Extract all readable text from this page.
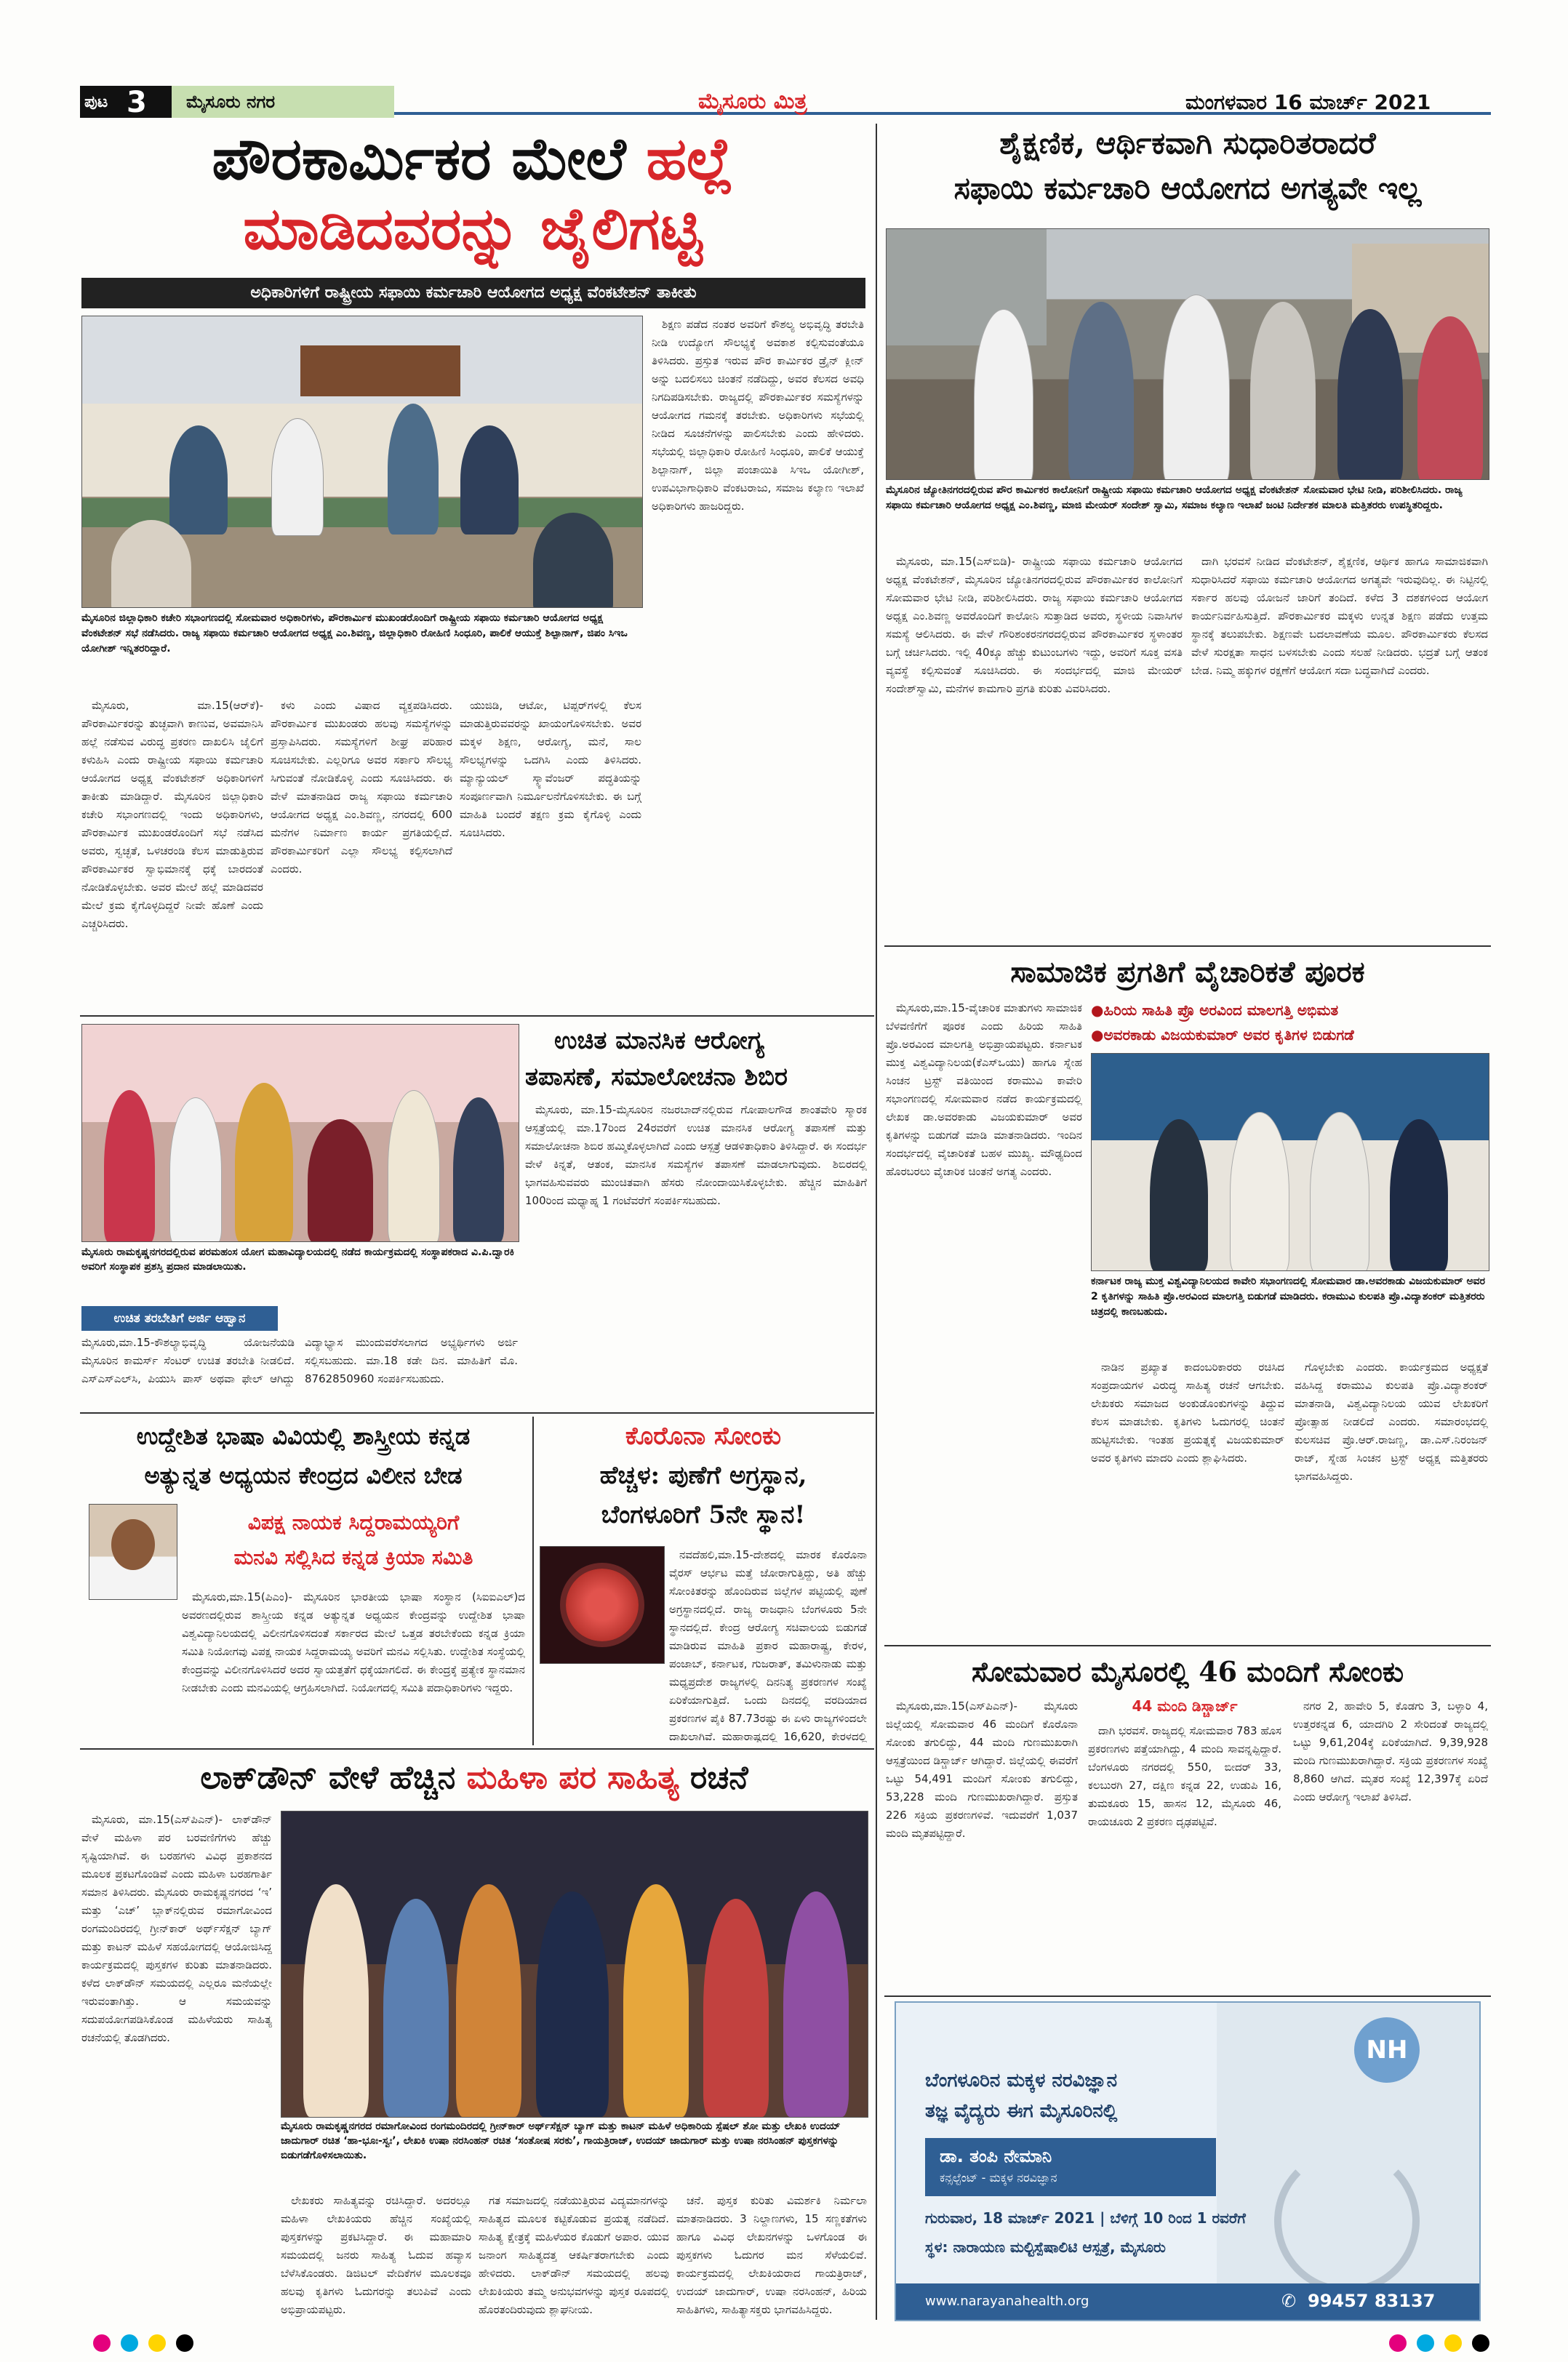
ಪುಟ 3 ಮೈಸೂರು ನಗರ	ಮೈಸೂರು ಮಿತ್ರ	ಮಂಗಳವಾರ 16 ಮಾರ್ಚ್ 2021
ಪೌರಕಾರ್ಮಿಕರ ಮೇಲೆ ಹಲ್ಲೆ
ಮಾಡಿದವರನ್ನು ಜೈಲಿಗಟ್ಟಿ
ಅಧಿಕಾರಿಗಳಿಗೆ ರಾಷ್ಟ್ರೀಯ ಸಫಾಯಿ ಕರ್ಮಚಾರಿ ಆಯೋಗದ ಅಧ್ಯಕ್ಷ ವೆಂಕಟೇಶನ್ ತಾಕೀತು
ಮೈಸೂರಿನ ಜಿಲ್ಲಾಧಿಕಾರಿ ಕಚೇರಿ ಸಭಾಂಗಣದಲ್ಲಿ ಸೋಮವಾರ ಅಧಿಕಾರಿಗಳು, ಪೌರಕಾರ್ಮಿಕ ಮುಖಂಡರೊಂದಿಗೆ ರಾಷ್ಟ್ರೀಯ ಸಫಾಯಿ ಕರ್ಮಚಾರಿ ಆಯೋಗದ ಅಧ್ಯಕ್ಷ ವೆಂಕಟೇಶನ್ ಸಭೆ ನಡೆಸಿದರು. ರಾಜ್ಯ ಸಫಾಯಿ ಕರ್ಮಚಾರಿ ಆಯೋಗದ ಅಧ್ಯಕ್ಷ ಎಂ.ಶಿವಣ್ಣ, ಜಿಲ್ಲಾಧಿಕಾರಿ ರೋಹಿಣಿ ಸಿಂಧೂರಿ, ಪಾಲಿಕೆ ಆಯುಕ್ತೆ ಶಿಲ್ಪಾನಾಗ್, ಜಿಪಂ ಸಿಇಒ ಯೋಗೀಶ್ ಇನ್ನಿತರರಿದ್ದಾರೆ.

ಮೈಸೂರು, ಮಾ.15(ಆರ್‌ಕೆ)- ಪೌರಕಾರ್ಮಿಕರನ್ನು ತುಚ್ಛವಾಗಿ ಕಾಣುವ, ಅವಮಾನಿಸಿ ಹಲ್ಲೆ ನಡೆಸುವ ವಿರುದ್ಧ ಪ್ರಕರಣ ದಾಖಲಿಸಿ ಜೈಲಿಗೆ ಕಳುಹಿಸಿ ಎಂದು ರಾಷ್ಟ್ರೀಯ ಸಫಾಯಿ ಕರ್ಮಚಾರಿ ಆಯೋಗದ ಅಧ್ಯಕ್ಷ ವೆಂಕಟೇಶನ್ ಅಧಿಕಾರಿಗಳಿಗೆ ತಾಕೀತು ಮಾಡಿದ್ದಾರೆ. ಮೈಸೂರಿನ ಜಿಲ್ಲಾಧಿಕಾರಿ ಕಚೇರಿ ಸಭಾಂಗಣದಲ್ಲಿ ಇಂದು ಅಧಿಕಾರಿಗಳು, ಪೌರಕಾರ್ಮಿಕ ಮುಖಂಡರೊಂದಿಗೆ ಸಭೆ ನಡೆಸಿದ ಅವರು, ಸ್ವಚ್ಛತೆ, ಒಳಚರಂಡಿ ಕೆಲಸ ಮಾಡುತ್ತಿರುವ ಪೌರಕಾರ್ಮಿಕರ ಸ್ವಾಭಿಮಾನಕ್ಕೆ ಧಕ್ಕೆ ಬಾರದಂತೆ ನೋಡಿಕೊಳ್ಳಬೇಕು. ಅವರ ಮೇಲೆ ಹಲ್ಲೆ ಮಾಡಿದವರ ಮೇಲೆ ಕ್ರಮ ಕೈಗೊಳ್ಳದಿದ್ದರೆ ನೀವೇ ಹೊಣೆ ಎಂದು ಎಚ್ಚರಿಸಿದರು.

ಕಳು ಎಂದು ವಿಷಾದ ವ್ಯಕ್ತಪಡಿಸಿದರು. ಪೌರಕಾರ್ಮಿಕ ಮುಖಂಡರು ಹಲವು ಸಮಸ್ಯೆಗಳನ್ನು ಪ್ರಸ್ತಾಪಿಸಿದರು. ಸಮಸ್ಯೆಗಳಿಗೆ ಶೀಘ್ರ ಪರಿಹಾರ ಸೂಚಿಸಬೇಕು. ಎಲ್ಲರಿಗೂ ಅವರ ಸರ್ಕಾರಿ ಸೌಲಭ್ಯ ಸಿಗುವಂತೆ ನೋಡಿಕೊಳ್ಳಿ ಎಂದು ಸೂಚಿಸಿದರು. ಈ ವೇಳೆ ಮಾತನಾಡಿದ ರಾಜ್ಯ ಸಫಾಯಿ ಕರ್ಮಚಾರಿ ಆಯೋಗದ ಅಧ್ಯಕ್ಷ ಎಂ.ಶಿವಣ್ಣ, ನಗರದಲ್ಲಿ 600 ಮನೆಗಳ ನಿರ್ಮಾಣ ಕಾರ್ಯ ಪ್ರಗತಿಯಲ್ಲಿದೆ. ಪೌರಕಾರ್ಮಿಕರಿಗೆ ಎಲ್ಲಾ ಸೌಲಭ್ಯ ಕಲ್ಪಿಸಲಾಗಿದೆ ಎಂದರು.

ಯುಜಿಡಿ, ಆಟೋ, ಟಿಪ್ಪರ್‌ಗಳಲ್ಲಿ ಕೆಲಸ ಮಾಡುತ್ತಿರುವವರನ್ನು ಖಾಯಂಗೊಳಿಸಬೇಕು. ಅವರ ಮಕ್ಕಳ ಶಿಕ್ಷಣ, ಆರೋಗ್ಯ, ಮನೆ, ಸಾಲ ಸೌಲಭ್ಯಗಳನ್ನು ಒದಗಿಸಿ ಎಂದು ತಿಳಿಸಿದರು. ಮ್ಯಾನ್ಯುಯಲ್ ಸ್ಕ್ಯಾವೆಂಜರ್ ಪದ್ಧತಿಯನ್ನು ಸಂಪೂರ್ಣವಾಗಿ ನಿರ್ಮೂಲನೆಗೊಳಿಸಬೇಕು. ಈ ಬಗ್ಗೆ ಮಾಹಿತಿ ಬಂದರೆ ತಕ್ಷಣ ಕ್ರಮ ಕೈಗೊಳ್ಳಿ ಎಂದು ಸೂಚಿಸಿದರು.

ಶಿಕ್ಷಣ ಪಡೆದ ನಂತರ ಅವರಿಗೆ ಕೌಶಲ್ಯ ಅಭಿವೃದ್ಧಿ ತರಬೇತಿ ನೀಡಿ ಉದ್ಯೋಗ ಸೌಲಭ್ಯಕ್ಕೆ ಅವಕಾಶ ಕಲ್ಪಿಸುವಂತೆಯೂ ತಿಳಿಸಿದರು. ಪ್ರಸ್ತುತ ಇರುವ ಪೌರ ಕಾರ್ಮಿಕರ ಡ್ರೈನ್ ಕ್ಲೀನ್ ಅನ್ನು ಬದಲಿಸಲು ಚಿಂತನೆ ನಡೆದಿದ್ದು, ಅವರ ಕೆಲಸದ ಅವಧಿ ನಿಗದಿಪಡಿಸಬೇಕು. ರಾಜ್ಯದಲ್ಲಿ ಪೌರಕಾರ್ಮಿಕರ ಸಮಸ್ಯೆಗಳನ್ನು ಆಯೋಗದ ಗಮನಕ್ಕೆ ತರಬೇಕು. ಅಧಿಕಾರಿಗಳು ಸಭೆಯಲ್ಲಿ ನೀಡಿದ ಸೂಚನೆಗಳನ್ನು ಪಾಲಿಸಬೇಕು ಎಂದು ಹೇಳಿದರು. ಸಭೆಯಲ್ಲಿ ಜಿಲ್ಲಾಧಿಕಾರಿ ರೋಹಿಣಿ ಸಿಂಧೂರಿ, ಪಾಲಿಕೆ ಆಯುಕ್ತೆ ಶಿಲ್ಪಾನಾಗ್, ಜಿಲ್ಲಾ ಪಂಚಾಯಿತಿ ಸಿಇಒ ಯೋಗೀಶ್, ಉಪವಿಭಾಗಾಧಿಕಾರಿ ವೆಂಕಟರಾಜು, ಸಮಾಜ ಕಲ್ಯಾಣ ಇಲಾಖೆ ಅಧಿಕಾರಿಗಳು ಹಾಜರಿದ್ದರು.

ಶೈಕ್ಷಣಿಕ, ಆರ್ಥಿಕವಾಗಿ ಸುಧಾರಿತರಾದರೆ
ಸಫಾಯಿ ಕರ್ಮಚಾರಿ ಆಯೋಗದ ಅಗತ್ಯವೇ ಇಲ್ಲ
ಮೈಸೂರಿನ ಜ್ಯೋತಿನಗರದಲ್ಲಿರುವ ಪೌರ ಕಾರ್ಮಿಕರ ಕಾಲೋನಿಗೆ ರಾಷ್ಟ್ರೀಯ ಸಫಾಯಿ ಕರ್ಮಚಾರಿ ಆಯೋಗದ ಅಧ್ಯಕ್ಷ ವೆಂಕಟೇಶನ್ ಸೋಮವಾರ ಭೇಟಿ ನೀಡಿ, ಪರಿಶೀಲಿಸಿದರು. ರಾಜ್ಯ ಸಫಾಯಿ ಕರ್ಮಚಾರಿ ಆಯೋಗದ ಅಧ್ಯಕ್ಷ ಎಂ.ಶಿವಣ್ಣ, ಮಾಜಿ ಮೇಯರ್ ಸಂದೇಶ್ ಸ್ವಾಮಿ, ಸಮಾಜ ಕಲ್ಯಾಣ ಇಲಾಖೆ ಜಂಟಿ ನಿರ್ದೇಶಕ ಮಾಲತಿ ಮತ್ತಿತರರು ಉಪಸ್ಥಿತರಿದ್ದರು.

ಮೈಸೂರು, ಮಾ.15(ಎಸ್‌ಬಿಡಿ)- ರಾಷ್ಟ್ರೀಯ ಸಫಾಯಿ ಕರ್ಮಚಾರಿ ಆಯೋಗದ ಅಧ್ಯಕ್ಷ ವೆಂಕಟೇಶನ್, ಮೈಸೂರಿನ ಜ್ಯೋತಿನಗರದಲ್ಲಿರುವ ಪೌರಕಾರ್ಮಿಕರ ಕಾಲೋನಿಗೆ ಸೋಮವಾರ ಭೇಟಿ ನೀಡಿ, ಪರಿಶೀಲಿಸಿದರು. ರಾಜ್ಯ ಸಫಾಯಿ ಕರ್ಮಚಾರಿ ಆಯೋಗದ ಅಧ್ಯಕ್ಷ ಎಂ.ಶಿವಣ್ಣ ಅವರೊಂದಿಗೆ ಕಾಲೋನಿ ಸುತ್ತಾಡಿದ ಅವರು, ಸ್ಥಳೀಯ ನಿವಾಸಿಗಳ ಸಮಸ್ಯೆ ಆಲಿಸಿದರು. ಈ ವೇಳೆ ಗೌರಿಶಂಕರನಗರದಲ್ಲಿರುವ ಪೌರಕಾರ್ಮಿಕರ ಸ್ಥಳಾಂತರ ಬಗ್ಗೆ ಚರ್ಚಿಸಿದರು. ಇಲ್ಲಿ 40ಕ್ಕೂ ಹೆಚ್ಚು ಕುಟುಂಬಗಳು ಇದ್ದು, ಅವರಿಗೆ ಸೂಕ್ತ ವಸತಿ ವ್ಯವಸ್ಥೆ ಕಲ್ಪಿಸುವಂತೆ ಸೂಚಿಸಿದರು. ಈ ಸಂದರ್ಭದಲ್ಲಿ ಮಾಜಿ ಮೇಯರ್ ಸಂದೇಶ್‌ಸ್ವಾಮಿ, ಮನೆಗಳ ಕಾಮಗಾರಿ ಪ್ರಗತಿ ಕುರಿತು ವಿವರಿಸಿದರು.

ದಾಗಿ ಭರವಸೆ ನೀಡಿದ ವೆಂಕಟೇಶನ್, ಶೈಕ್ಷಣಿಕ, ಆರ್ಥಿಕ ಹಾಗೂ ಸಾಮಾಜಿಕವಾಗಿ ಸುಧಾರಿಸಿದರೆ ಸಫಾಯಿ ಕರ್ಮಚಾರಿ ಆಯೋಗದ ಅಗತ್ಯವೇ ಇರುವುದಿಲ್ಲ. ಈ ನಿಟ್ಟಿನಲ್ಲಿ ಸರ್ಕಾರ ಹಲವು ಯೋಜನೆ ಜಾರಿಗೆ ತಂದಿದೆ. ಕಳೆದ 3 ದಶಕಗಳಿಂದ ಆಯೋಗ ಕಾರ್ಯನಿರ್ವಹಿಸುತ್ತಿದೆ. ಪೌರಕಾರ್ಮಿಕರ ಮಕ್ಕಳು ಉನ್ನತ ಶಿಕ್ಷಣ ಪಡೆದು ಉತ್ತಮ ಸ್ಥಾನಕ್ಕೆ ತಲುಪಬೇಕು. ಶಿಕ್ಷಣವೇ ಬದಲಾವಣೆಯ ಮೂಲ. ಪೌರಕಾರ್ಮಿಕರು ಕೆಲಸದ ವೇಳೆ ಸುರಕ್ಷತಾ ಸಾಧನ ಬಳಸಬೇಕು ಎಂದು ಸಲಹೆ ನೀಡಿದರು. ಭದ್ರತೆ ಬಗ್ಗೆ ಆತಂಕ ಬೇಡ. ನಿಮ್ಮ ಹಕ್ಕುಗಳ ರಕ್ಷಣೆಗೆ ಆಯೋಗ ಸದಾ ಬದ್ಧವಾಗಿದೆ ಎಂದರು.

ಮೈಸೂರು ರಾಮಕೃಷ್ಣನಗರದಲ್ಲಿರುವ ಪರಮಹಂಸ ಯೋಗ ಮಹಾವಿದ್ಯಾಲಯದಲ್ಲಿ ನಡೆದ ಕಾರ್ಯಕ್ರಮದಲ್ಲಿ ಸಂಸ್ಥಾಪಕರಾದ ವಿ.ಪಿ.ದ್ವಾರಕಿ ಅವರಿಗೆ ಸಂಸ್ಥಾಪಕ ಪ್ರಶಸ್ತಿ ಪ್ರದಾನ ಮಾಡಲಾಯಿತು.
ಉಚಿತ ಮಾನಸಿಕ ಆರೋಗ್ಯ
ತಪಾಸಣೆ, ಸಮಾಲೋಚನಾ ಶಿಬಿರ

ಮೈಸೂರು, ಮಾ.15-ಮೈಸೂರಿನ ನಜರಬಾದ್‌ನಲ್ಲಿರುವ ಗೋಪಾಲಗೌಡ ಶಾಂತವೇರಿ ಸ್ಮಾರಕ ಆಸ್ಪತ್ರೆಯಲ್ಲಿ ಮಾ.17ರಿಂದ 24ರವರೆಗೆ ಉಚಿತ ಮಾನಸಿಕ ಆರೋಗ್ಯ ತಪಾಸಣೆ ಮತ್ತು ಸಮಾಲೋಚನಾ ಶಿಬಿರ ಹಮ್ಮಿಕೊಳ್ಳಲಾಗಿದೆ ಎಂದು ಆಸ್ಪತ್ರೆ ಆಡಳಿತಾಧಿಕಾರಿ ತಿಳಿಸಿದ್ದಾರೆ. ಈ ಸಂದರ್ಭ ವೇಳೆ ಕಿನ್ನತೆ, ಆತಂಕ, ಮಾನಸಿಕ ಸಮಸ್ಯೆಗಳ ತಪಾಸಣೆ ಮಾಡಲಾಗುವುದು. ಶಿಬಿರದಲ್ಲಿ ಭಾಗವಹಿಸುವವರು ಮುಂಚಿತವಾಗಿ ಹೆಸರು ನೋಂದಾಯಿಸಿಕೊಳ್ಳಬೇಕು. ಹೆಚ್ಚಿನ ಮಾಹಿತಿಗೆ 100ರಿಂದ ಮಧ್ಯಾಹ್ನ 1 ಗಂಟೆವರೆಗೆ ಸಂಪರ್ಕಿಸಬಹುದು.

ಉಚಿತ ತರಬೇತಿಗೆ ಅರ್ಜಿ ಆಹ್ವಾನ
ಮೈಸೂರು,ಮಾ.15-ಕೌಶಲ್ಯಾಭಿವೃದ್ಧಿ ಯೋಜನೆಯಡಿ ಮೈಸೂರಿನ ಕಾಮರ್ಸ್ ಸೆಂಟರ್ ಉಚಿತ ತರಬೇತಿ ನೀಡಲಿದೆ. ಎಸ್‌ಎಸ್‌ಎಲ್‌ಸಿ, ಪಿಯುಸಿ ಪಾಸ್ ಅಥವಾ ಫೇಲ್ ಆಗಿದ್ದು ವಿದ್ಯಾಭ್ಯಾಸ ಮುಂದುವರೆಸಲಾಗದ ಅಭ್ಯರ್ಥಿಗಳು ಅರ್ಜಿ ಸಲ್ಲಿಸಬಹುದು. ಮಾ.18 ಕಡೇ ದಿನ. ಮಾಹಿತಿಗೆ ಮೊ. 8762850960 ಸಂಪರ್ಕಿಸಬಹುದು.
ಉದ್ದೇಶಿತ ಭಾಷಾ ವಿವಿಯಲ್ಲಿ ಶಾಸ್ತ್ರೀಯ ಕನ್ನಡ
ಅತ್ಯುನ್ನತ ಅಧ್ಯಯನ ಕೇಂದ್ರದ ವಿಲೀನ ಬೇಡ
ವಿಪಕ್ಷ ನಾಯಕ ಸಿದ್ದರಾಮಯ್ಯರಿಗೆ
ಮನವಿ ಸಲ್ಲಿಸಿದ ಕನ್ನಡ ಕ್ರಿಯಾ ಸಮಿತಿ

ಮೈಸೂರು,ಮಾ.15(ಪಿಎಂ)- ಮೈಸೂರಿನ ಭಾರತೀಯ ಭಾಷಾ ಸಂಸ್ಥಾನ (ಸಿಐಐಎಲ್)ದ ಅವರಣದಲ್ಲಿರುವ ಶಾಸ್ತ್ರೀಯ ಕನ್ನಡ ಅತ್ಯುನ್ನತ ಅಧ್ಯಯನ ಕೇಂದ್ರವನ್ನು ಉದ್ದೇಶಿತ ಭಾಷಾ ವಿಶ್ವವಿದ್ಯಾನಿಲಯದಲ್ಲಿ ವಿಲೀನಗೊಳಿಸದಂತೆ ಸರ್ಕಾರದ ಮೇಲೆ ಒತ್ತಡ ತರಬೇಕೆಂದು ಕನ್ನಡ ಕ್ರಿಯಾ ಸಮಿತಿ ನಿಯೋಗವು ವಿಪಕ್ಷ ನಾಯಕ ಸಿದ್ದರಾಮಯ್ಯ ಅವರಿಗೆ ಮನವಿ ಸಲ್ಲಿಸಿತು. ಉದ್ದೇಶಿತ ಸಂಸ್ಥೆಯಲ್ಲಿ ಕೇಂದ್ರವನ್ನು ವಿಲೀನಗೊಳಿಸಿದರೆ ಅದರ ಸ್ವಾಯತ್ತತೆಗೆ ಧಕ್ಕೆಯಾಗಲಿದೆ. ಈ ಕೇಂದ್ರಕ್ಕೆ ಪ್ರತ್ಯೇಕ ಸ್ಥಾನಮಾನ ನೀಡಬೇಕು ಎಂದು ಮನವಿಯಲ್ಲಿ ಆಗ್ರಹಿಸಲಾಗಿದೆ. ನಿಯೋಗದಲ್ಲಿ ಸಮಿತಿ ಪದಾಧಿಕಾರಿಗಳು ಇದ್ದರು.

ಕೊರೊನಾ ಸೋಂಕು
ಹೆಚ್ಚಳ: ಪುಣೆಗೆ ಅಗ್ರಸ್ಥಾನ,
ಬೆಂಗಳೂರಿಗೆ 5ನೇ ಸ್ಥಾನ!

ನವದೆಹಲಿ,ಮಾ.15-ದೇಶದಲ್ಲಿ ಮಾರಕ ಕೊರೊನಾ ವೈರಸ್ ಆರ್ಭಟ ಮತ್ತೆ ಜೋರಾಗುತ್ತಿದ್ದು, ಅತಿ ಹೆಚ್ಚು ಸೋಂಕಿತರನ್ನು ಹೊಂದಿರುವ ಜಿಲ್ಲೆಗಳ ಪಟ್ಟಿಯಲ್ಲಿ ಪುಣೆ ಅಗ್ರಸ್ಥಾನದಲ್ಲಿದೆ. ರಾಜ್ಯ ರಾಜಧಾನಿ ಬೆಂಗಳೂರು 5ನೇ ಸ್ಥಾನದಲ್ಲಿದೆ. ಕೇಂದ್ರ ಆರೋಗ್ಯ ಸಚಿವಾಲಯ ಬಿಡುಗಡೆ ಮಾಡಿರುವ ಮಾಹಿತಿ ಪ್ರಕಾರ ಮಹಾರಾಷ್ಟ್ರ, ಕೇರಳ, ಪಂಜಾಬ್, ಕರ್ನಾಟಕ, ಗುಜರಾತ್, ತಮಿಳುನಾಡು ಮತ್ತು ಮಧ್ಯಪ್ರದೇಶ ರಾಜ್ಯಗಳಲ್ಲಿ ದಿನನಿತ್ಯ ಪ್ರಕರಣಗಳ ಸಂಖ್ಯೆ ಏರಿಕೆಯಾಗುತ್ತಿದೆ. ಒಂದು ದಿನದಲ್ಲಿ ವರದಿಯಾದ ಪ್ರಕರಣಗಳ ಪೈಕಿ 87.73ರಷ್ಟು ಈ ಏಳು ರಾಜ್ಯಗಳಿಂದಲೇ ದಾಖಲಾಗಿವೆ. ಮಹಾರಾಷ್ಟ್ರದಲ್ಲಿ 16,620, ಕೇರಳದಲ್ಲಿ

ಲಾಕ್‌ಡೌನ್ ವೇಳೆ ಹೆಚ್ಚಿನ ಮಹಿಳಾ ಪರ ಸಾಹಿತ್ಯ ರಚನೆ

ಮೈಸೂರು, ಮಾ.15(ಎಸ್‌ಪಿಎನ್)- ಲಾಕ್‌ಡೌನ್ ವೇಳೆ ಮಹಿಳಾ ಪರ ಬರವಣಿಗೆಗಳು ಹೆಚ್ಚು ಸೃಷ್ಟಿಯಾಗಿವೆ. ಈ ಬರಹಗಳು ವಿವಿಧ ಪ್ರಕಾಶನದ ಮೂಲಕ ಪ್ರಕಟಗೊಂಡಿವೆ ಎಂದು ಮಹಿಳಾ ಬರಹಗಾರ್ತಿ ಸಮಾನ ತಿಳಿಸಿದರು. ಮೈಸೂರು ರಾಮಕೃಷ್ಣನಗರದ ‘ಇ’ ಮತ್ತು ‘ಎಚ್’ ಬ್ಲಾಕ್‌ನಲ್ಲಿರುವ ರಮಾಗೋವಿಂದ ರಂಗಮಂದಿರದಲ್ಲಿ ಗ್ರೀನ್‌ಕಾರ್ ಅರ್ಥ್‌ಸೆಕ್ಷನ್ ಬ್ಯಾಗ್ ಮತ್ತು ಕಾಟನ್ ಮಹಿಳೆ ಸಹಯೋಗದಲ್ಲಿ ಆಯೋಜಿಸಿದ್ದ ಕಾರ್ಯಕ್ರಮದಲ್ಲಿ ಪುಸ್ತಕಗಳ ಕುರಿತು ಮಾತನಾಡಿದರು. ಕಳೆದ ಲಾಕ್‌ಡೌನ್ ಸಮಯದಲ್ಲಿ ಎಲ್ಲರೂ ಮನೆಯಲ್ಲೇ ಇರುವಂತಾಗಿತ್ತು. ಆ ಸಮಯವನ್ನು ಸದುಪಯೋಗಪಡಿಸಿಕೊಂಡ ಮಹಿಳೆಯರು ಸಾಹಿತ್ಯ ರಚನೆಯಲ್ಲಿ ತೊಡಗಿದರು.

ಮೈಸೂರು ರಾಮಕೃಷ್ಣನಗರದ ರಮಾಗೋವಿಂದ ರಂಗಮಂದಿರದಲ್ಲಿ ಗ್ರೀನ್‌ಕಾರ್ ಅರ್ಥ್‌ಸೆಕ್ಷನ್ ಬ್ಯಾಗ್ ಮತ್ತು ಕಾಟನ್ ಮಹಿಳೆ ಅಧಿಕಾರಿಯ ಸ್ಪೆಷಲ್ ಶೋ ಮತ್ತು ಲೇಖಕಿ ಉದಯ್ ಜಾದುಗಾರ್ ರಚಿತ ‘ಹಾ-ಭೂಃ-ಸ್ವಃ’, ಲೇಖಕಿ ಉಷಾ ನರಸಿಂಹನ್ ರಚಿತ ‘ಸಂತೋಷ ಸರಕು’, ಗಾಯತ್ರಿರಾಜ್, ಉದಯ್ ಜಾದುಗಾರ್ ಮತ್ತು ಉಷಾ ನರಸಿಂಹನ್ ಪುಸ್ತಕಗಳನ್ನು ಬಿಡುಗಡೆಗೊಳಿಸಲಾಯಿತು.

ಲೇಖಕರು ಸಾಹಿತ್ಯವನ್ನು ರಚಿಸಿದ್ದಾರೆ. ಅದರಲ್ಲೂ ಮಹಿಳಾ ಲೇಖಕಿಯರು ಹೆಚ್ಚಿನ ಸಂಖ್ಯೆಯಲ್ಲಿ ಪುಸ್ತಕಗಳನ್ನು ಪ್ರಕಟಿಸಿದ್ದಾರೆ. ಈ ಮಹಾಮಾರಿ ಸಮಯದಲ್ಲಿ ಜನರು ಸಾಹಿತ್ಯ ಓದುವ ಹವ್ಯಾಸ ಬೆಳೆಸಿಕೊಂಡರು. ಡಿಜಿಟಲ್ ವೇದಿಕೆಗಳ ಮೂಲಕವೂ ಹಲವು ಕೃತಿಗಳು ಓದುಗರನ್ನು ತಲುಪಿವೆ ಎಂದು ಅಭಿಪ್ರಾಯಪಟ್ಟರು.

ಗತ ಸಮಾಜದಲ್ಲಿ ನಡೆಯುತ್ತಿರುವ ವಿದ್ಯಮಾನಗಳನ್ನು ಸಾಹಿತ್ಯದ ಮೂಲಕ ಕಟ್ಟಿಕೊಡುವ ಪ್ರಯತ್ನ ನಡೆದಿದೆ. ಸಾಹಿತ್ಯ ಕ್ಷೇತ್ರಕ್ಕೆ ಮಹಿಳೆಯರ ಕೊಡುಗೆ ಅಪಾರ. ಯುವ ಜನಾಂಗ ಸಾಹಿತ್ಯದತ್ತ ಆಕರ್ಷಿತರಾಗಬೇಕು ಎಂದು ಹೇಳಿದರು. ಲಾಕ್‌ಡೌನ್ ಸಮಯದಲ್ಲಿ ಹಲವು ಲೇಖಕಿಯರು ತಮ್ಮ ಅನುಭವಗಳನ್ನು ಪುಸ್ತಕ ರೂಪದಲ್ಲಿ ಹೊರತಂದಿರುವುದು ಶ್ಲಾಘನೀಯ.

ಚನೆ. ಪುಸ್ತಕ ಕುರಿತು ವಿಮರ್ಶಕಿ ನಿರ್ಮಲಾ ಮಾತನಾಡಿದರು. 3 ನಿಲ್ದಾಣಗಳು, 15 ಸಣ್ಣಕತೆಗಳು ಹಾಗೂ ವಿವಿಧ ಲೇಖನಗಳನ್ನು ಒಳಗೊಂಡ ಈ ಪುಸ್ತಕಗಳು ಓದುಗರ ಮನ ಸೆಳೆಯಲಿವೆ. ಕಾರ್ಯಕ್ರಮದಲ್ಲಿ ಲೇಖಕಿಯರಾದ ಗಾಯತ್ರಿರಾಜ್, ಉದಯ್ ಜಾದುಗಾರ್, ಉಷಾ ನರಸಿಂಹನ್, ಹಿರಿಯ ಸಾಹಿತಿಗಳು, ಸಾಹಿತ್ಯಾಸಕ್ತರು ಭಾಗವಹಿಸಿದ್ದರು.

ಸಾಮಾಜಿಕ ಪ್ರಗತಿಗೆ ವೈಚಾರಿಕತೆ ಪೂರಕ
●ಹಿರಿಯ ಸಾಹಿತಿ ಪ್ರೊ ಅರವಿಂದ ಮಾಲಗತ್ತಿ ಅಭಿಮತ
●ಅವರಕಾಡು ವಿಜಯಕುಮಾರ್ ಅವರ ಕೃತಿಗಳ ಬಿಡುಗಡೆ

ಮೈಸೂರು,ಮಾ.15-ವೈಚಾರಿಕ ಮಾತುಗಳು ಸಾಮಾಜಿಕ ಬೆಳವಣಿಗೆಗೆ ಪೂರಕ ಎಂದು ಹಿರಿಯ ಸಾಹಿತಿ ಪ್ರೊ.ಅರವಿಂದ ಮಾಲಗತ್ತಿ ಅಭಿಪ್ರಾಯಪಟ್ಟರು. ಕರ್ನಾಟಕ ಮುಕ್ತ ವಿಶ್ವವಿದ್ಯಾನಿಲಯ(ಕೆಎಸ್‌ಒಯು) ಹಾಗೂ ಸ್ನೇಹ ಸಿಂಚನ ಟ್ರಸ್ಟ್ ವತಿಯಿಂದ ಕರಾಮುವಿ ಕಾವೇರಿ ಸಭಾಂಗಣದಲ್ಲಿ ಸೋಮವಾರ ನಡೆದ ಕಾರ್ಯಕ್ರಮದಲ್ಲಿ ಲೇಖಕ ಡಾ.ಅವರಕಾಡು ವಿಜಯಕುಮಾರ್ ಅವರ ಕೃತಿಗಳನ್ನು ಬಿಡುಗಡೆ ಮಾಡಿ ಮಾತನಾಡಿದರು. ಇಂದಿನ ಸಂದರ್ಭದಲ್ಲಿ ವೈಚಾರಿಕತೆ ಬಹಳ ಮುಖ್ಯ. ಮೌಢ್ಯದಿಂದ ಹೊರಬರಲು ವೈಚಾರಿಕ ಚಿಂತನೆ ಅಗತ್ಯ ಎಂದರು.

ಕರ್ನಾಟಕ ರಾಜ್ಯ ಮುಕ್ತ ವಿಶ್ವವಿದ್ಯಾನಿಲಯದ ಕಾವೇರಿ ಸಭಾಂಗಣದಲ್ಲಿ ಸೋಮವಾರ ಡಾ.ಅವರಕಾಡು ವಿಜಯಕುಮಾರ್ ಅವರ 2 ಕೃತಿಗಳನ್ನು ಸಾಹಿತಿ ಪ್ರೊ.ಅರವಿಂದ ಮಾಲಗತ್ತಿ ಬಿಡುಗಡೆ ಮಾಡಿದರು. ಕರಾಮುವಿ ಕುಲಪತಿ ಪ್ರೊ.ವಿದ್ಯಾಶಂಕರ್ ಮತ್ತಿತರರು ಚಿತ್ರದಲ್ಲಿ ಕಾಣಬಹುದು.

ನಾಡಿನ ಪ್ರಖ್ಯಾತ ಕಾದಂಬರಿಕಾರರು ರಚಿಸಿದ ಸಂಪ್ರದಾಯಗಳ ವಿರುದ್ಧ ಸಾಹಿತ್ಯ ರಚನೆ ಆಗಬೇಕು. ಲೇಖಕರು ಸಮಾಜದ ಅಂಕುಡೊಂಕುಗಳನ್ನು ತಿದ್ದುವ ಕೆಲಸ ಮಾಡಬೇಕು. ಕೃತಿಗಳು ಓದುಗರಲ್ಲಿ ಚಿಂತನೆ ಹುಟ್ಟಿಸಬೇಕು. ಇಂತಹ ಪ್ರಯತ್ನಕ್ಕೆ ವಿಜಯಕುಮಾರ್ ಅವರ ಕೃತಿಗಳು ಮಾದರಿ ಎಂದು ಶ್ಲಾಘಿಸಿದರು.

ಗೊಳ್ಳಬೇಕು ಎಂದರು. ಕಾರ್ಯಕ್ರಮದ ಅಧ್ಯಕ್ಷತೆ ವಹಿಸಿದ್ದ ಕರಾಮುವಿ ಕುಲಪತಿ ಪ್ರೊ.ವಿದ್ಯಾಶಂಕರ್ ಮಾತನಾಡಿ, ವಿಶ್ವವಿದ್ಯಾನಿಲಯ ಯುವ ಲೇಖಕರಿಗೆ ಪ್ರೋತ್ಸಾಹ ನೀಡಲಿದೆ ಎಂದರು. ಸಮಾರಂಭದಲ್ಲಿ ಕುಲಸಚಿವ ಪ್ರೊ.ಆರ್.ರಾಜಣ್ಣ, ಡಾ.ಎಸ್.ನಿರಂಜನ್ ರಾಜ್, ಸ್ನೇಹ ಸಿಂಚನ ಟ್ರಸ್ಟ್ ಅಧ್ಯಕ್ಷ ಮತ್ತಿತರರು ಭಾಗವಹಿಸಿದ್ದರು.

ಸೋಮವಾರ ಮೈಸೂರಲ್ಲಿ 46 ಮಂದಿಗೆ ಸೋಂಕು

ಮೈಸೂರು,ಮಾ.15(ಎಸ್‌ಪಿಎನ್)- ಮೈಸೂರು ಜಿಲ್ಲೆಯಲ್ಲಿ ಸೋಮವಾರ 46 ಮಂದಿಗೆ ಕೊರೊನಾ ಸೋಂಕು ತಗುಲಿದ್ದು, 44 ಮಂದಿ ಗುಣಮುಖರಾಗಿ ಆಸ್ಪತ್ರೆಯಿಂದ ಡಿಸ್ಚಾರ್ಜ್ ಆಗಿದ್ದಾರೆ. ಜಿಲ್ಲೆಯಲ್ಲಿ ಈವರೆಗೆ ಒಟ್ಟು 54,491 ಮಂದಿಗೆ ಸೋಂಕು ತಗುಲಿದ್ದು, 53,228 ಮಂದಿ ಗುಣಮುಖರಾಗಿದ್ದಾರೆ. ಪ್ರಸ್ತುತ 226 ಸಕ್ರಿಯ ಪ್ರಕರಣಗಳಿವೆ. ಇದುವರೆಗೆ 1,037 ಮಂದಿ ಮೃತಪಟ್ಟಿದ್ದಾರೆ.

44 ಮಂದಿ ಡಿಸ್ಚಾರ್ಜ್

ದಾಗಿ ಭರವಸೆ. ರಾಜ್ಯದಲ್ಲಿ ಸೋಮವಾರ 783 ಹೊಸ ಪ್ರಕರಣಗಳು ಪತ್ತೆಯಾಗಿದ್ದು, 4 ಮಂದಿ ಸಾವನ್ನಪ್ಪಿದ್ದಾರೆ. ಬೆಂಗಳೂರು ನಗರದಲ್ಲಿ 550, ಬೀದರ್ 33, ಕಲಬುರಗಿ 27, ದಕ್ಷಿಣ ಕನ್ನಡ 22, ಉಡುಪಿ 16, ತುಮಕೂರು 15, ಹಾಸನ 12, ಮೈಸೂರು 46, ರಾಯಚೂರು 2 ಪ್ರಕರಣ ದೃಢಪಟ್ಟಿವೆ.

ನಗರ 2, ಹಾವೇರಿ 5, ಕೊಡಗು 3, ಬಳ್ಳಾರಿ 4, ಉತ್ತರಕನ್ನಡ 6, ಯಾದಗಿರಿ 2 ಸೇರಿದಂತೆ ರಾಜ್ಯದಲ್ಲಿ ಒಟ್ಟು 9,61,204ಕ್ಕೆ ಏರಿಕೆಯಾಗಿದೆ. 9,39,928 ಮಂದಿ ಗುಣಮುಖರಾಗಿದ್ದಾರೆ. ಸಕ್ರಿಯ ಪ್ರಕರಣಗಳ ಸಂಖ್ಯೆ 8,860 ಆಗಿದೆ. ಮೃತರ ಸಂಖ್ಯೆ 12,397ಕ್ಕೆ ಏರಿದೆ ಎಂದು ಆರೋಗ್ಯ ಇಲಾಖೆ ತಿಳಿಸಿದೆ.

NH
ಬೆಂಗಳೂರಿನ ಮಕ್ಕಳ ನರವಿಜ್ಞಾನ
ತಜ್ಞ ವೈದ್ಯರು ಈಗ ಮೈಸೂರಿನಲ್ಲಿ
ಡಾ. ತಂಪಿ ನೇಮಾನಿ
ಕನ್ಸಲ್ಟೆಂಟ್ - ಮಕ್ಕಳ ನರವಿಜ್ಞಾನ
ಗುರುವಾರ, 18 ಮಾರ್ಚ್ 2021 | ಬೆಳಿಗ್ಗೆ 10 ರಿಂದ 1 ರವರೆಗೆ
ಸ್ಥಳ: ನಾರಾಯಣ ಮಲ್ಟಿಸ್ಪೆಷಾಲಿಟಿ ಆಸ್ಪತ್ರೆ, ಮೈಸೂರು
www.narayanahealth.org	✆ 99457 83137
